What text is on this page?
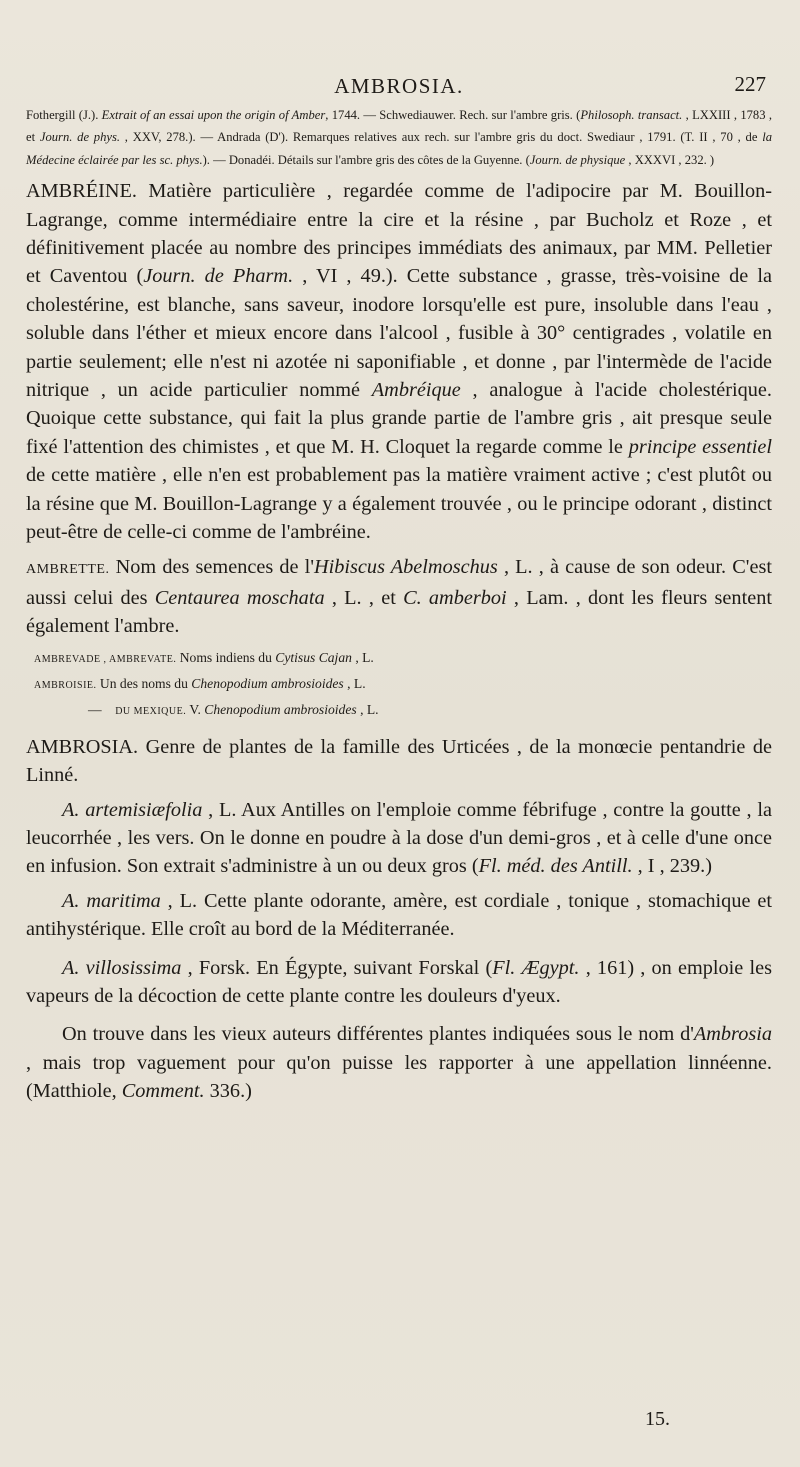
AMBROSIA.	227

Fothergill (J.). Extrait of an essai upon the origin of Amber, 1744. — Schwediauwer. Rech. sur l'ambre gris. (Philosoph. transact. , LXXIII , 1783 , et Journ. de phys. , XXV, 278.). — Andrada (D'). Remarques relatives aux rech. sur l'ambre gris du doct. Swediaur , 1791. (T. II , 70 , de la Médecine éclairée par les sc. phys.). — Donadéi. Détails sur l'ambre gris des côtes de la Guyenne. (Journ. de physique , XXXVI , 232. )

AMBRÉINE. Matière particulière , regardée comme de l'adipocire par M. Bouillon-Lagrange, comme intermédiaire entre la cire et la résine , par Bucholz et Roze , et définitivement placée au nombre des principes immédiats des animaux, par MM. Pelletier et Caventou (Journ. de Pharm. , VI , 49.). Cette substance , grasse, très-voisine de la cholestérine, est blanche, sans saveur, inodore lorsqu'elle est pure, insoluble dans l'eau , soluble dans l'éther et mieux encore dans l'alcool , fusible à 30° centigrades , volatile en partie seulement; elle n'est ni azotée ni saponifiable , et donne , par l'intermède de l'acide nitrique , un acide particulier nommé Ambréique , analogue à l'acide cholestérique. Quoique cette substance, qui fait la plus grande partie de l'ambre gris , ait presque seule fixé l'attention des chimistes , et que M. H. Cloquet la regarde comme le principe essentiel de cette matière , elle n'en est probablement pas la matière vraiment active ; c'est plutôt ou la résine que M. Bouillon-Lagrange y a également trouvée , ou le principe odorant , distinct peut-être de celle-ci comme de l'ambréine.

AMBRETTE. Nom des semences de l'Hibiscus Abelmoschus , L. , à cause de son odeur. C'est aussi celui des Centaurea moschata , L. , et C. amberboi , Lam. , dont les fleurs sentent également l'ambre.

AMBREVADE , AMBREVATE. Noms indiens du Cytisus Cajan , L.

AMBROISIE. Un des noms du Chenopodium ambrosioides , L.

— DU MEXIQUE. V. Chenopodium ambrosioides , L.

AMBROSIA. Genre de plantes de la famille des Urticées , de la monœcie pentandrie de Linné.

A. artemisiæfolia , L. Aux Antilles on l'emploie comme fébrifuge , contre la goutte , la leucorrhée , les vers. On le donne en poudre à la dose d'un demi-gros , et à celle d'une once en infusion. Son extrait s'administre à un ou deux gros (Fl. méd. des Antill. , I , 239.)

A. maritima , L. Cette plante odorante, amère, est cordiale , tonique , stomachique et antihystérique. Elle croît au bord de la Méditerranée.

A. villosissima , Forsk. En Égypte, suivant Forskal (Fl. Ægypt. , 161) , on emploie les vapeurs de la décoction de cette plante contre les douleurs d'yeux.

On trouve dans les vieux auteurs différentes plantes indiquées sous le nom d'Ambrosia , mais trop vaguement pour qu'on puisse les rapporter à une appellation linnéenne. (Matthiole, Comment. 336.)

15.
